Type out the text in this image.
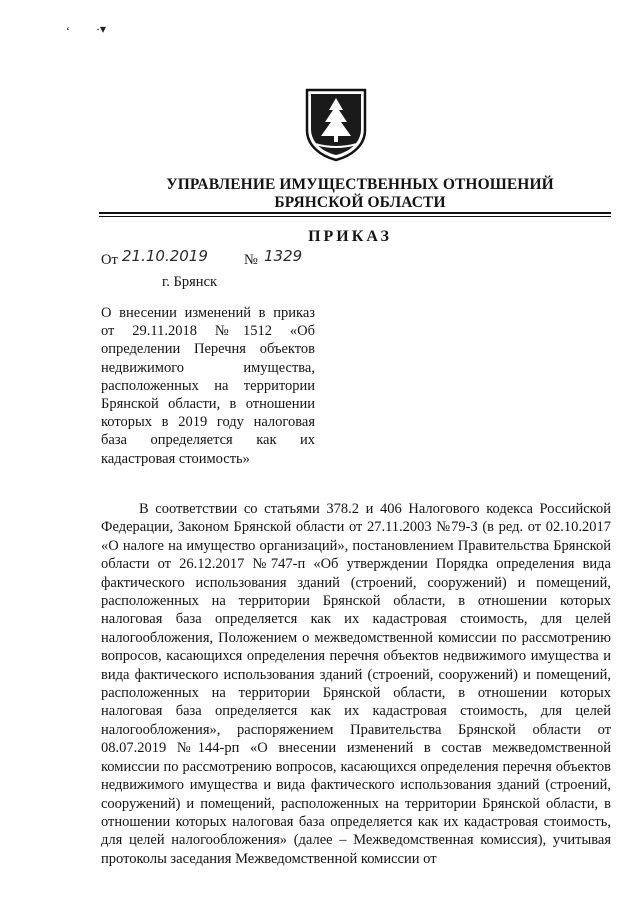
‘ ·▾
УПРАВЛЕНИЕ ИМУЩЕСТВЕННЫХ ОТНОШЕНИЙ
БРЯНСКОЙ ОБЛАСТИ
ПРИКАЗ
От 21.10.2019 № 1329
г. Брянск
О внесении изменений в приказ от 29.11.2018 №1512 «Об определении Перечня объектов недвижимого имущества, расположенных на территории Брянской области, в отношении которых в 2019 году налоговая база определяется как их кадастровая стоимость»
В соответствии со статьями 378.2 и 406 Налогового кодекса Российской Федерации, Законом Брянской области от 27.11.2003 №79-З (в ред. от 02.10.2017 «О налоге на имущество организаций», постановлением Правительства Брянской области от 26.12.2017 №747-п «Об утверждении Порядка определения вида фактического использования зданий (строений, сооружений) и помещений, расположенных на территории Брянской области, в отношении которых налоговая база определяется как их кадастровая стоимость, для целей налогообложения, Положением о межведомственной комиссии по рассмотрению вопросов, касающихся определения перечня объектов недвижимого имущества и вида фактического использования зданий (строений, сооружений) и помещений, расположенных на территории Брянской области, в отношении которых налоговая база определяется как их кадастровая стоимость, для целей налогообложения», распоряжением Правительства Брянской области от 08.07.2019 №144-рп «О внесении изменений в состав межведомственной комиссии по рассмотрению вопросов, касающихся определения перечня объектов недвижимого имущества и вида фактического использования зданий (строений, сооружений) и помещений, расположенных на территории Брянской области, в отношении которых налоговая база определяется как их кадастровая стоимость, для целей налогообложения» (далее – Межведомственная комиссия), учитывая протоколы заседания Межведомственной комиссии от
